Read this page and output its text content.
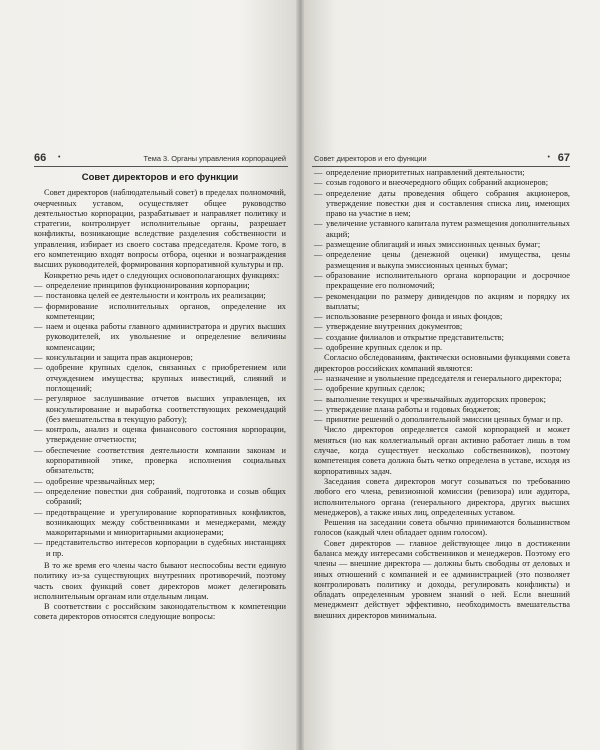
66 •	Тема 3. Органы управления корпорацией
Совет директоров и его функции

Совет директоров (наблюдательный совет) в пределах полномочий, очерченных уставом, осуществляет общее руководство деятельностью корпорации, разрабатывает и направляет политику и стратегии, контролирует исполнительные органы, разрешает конфликты, возникающие вследствие разделения собственности и управления, избирает из своего состава председателя. Кроме того, в его компетенцию входят вопросы отбора, оценки и вознаграждения высших руководителей, формирования корпоративной культуры и пр.

Конкретно речь идет о следующих основополагающих функциях:

— определение принципов функционирования корпорации;
— постановка целей ее деятельности и контроль их реализации;
— формирование исполнительных органов, определение их компетенции;
— наем и оценка работы главного администратора и других высших руководителей, их увольнение и определение величины компенсации;
— консультации и защита прав акционеров;
— одобрение крупных сделок, связанных с приобретением или отчуждением имущества; крупных инвестиций, слияний и поглощений;
— регулярное заслушивание отчетов высших управленцев, их консультирование и выработка соответствующих рекомендаций (без вмешательства в текущую работу);
— контроль, анализ и оценка финансового состояния корпорации, утверждение отчетности;
— обеспечение соответствия деятельности компании законам и корпоративной этике, проверка исполнения социальных обязательств;
— одобрение чрезвычайных мер;
— определение повестки дня собраний, подготовка и созыв общих собраний;
— предотвращение и урегулирование корпоративных конфликтов, возникающих между собственниками и менеджерами, между мажоритарными и миноритарными акционерами;
— представительство интересов корпорации в судебных инстанциях и пр.

В то же время его члены часто бывают неспособны вести единую политику из-за существующих внутренних противоречий, поэтому часть своих функций совет директоров может делегировать исполнительным органам или отдельным лицам.

В соответствии с российским законодательством к компетенции совета директоров относятся следующие вопросы:

Совет директоров и его функции	• 67
— определение приоритетных направлений деятельности;
— созыв годового и внеочередного общих собраний акционеров;
— определение даты проведения общего собрания акционеров, утверждение повестки дня и составления списка лиц, имеющих право на участие в нем;
— увеличение уставного капитала путем размещения дополнительных акций;
— размещение облигаций и иных эмиссионных ценных бумаг;
— определение цены (денежной оценки) имущества, цены размещения и выкупа эмиссионных ценных бумаг;
— образование исполнительного органа корпорации и досрочное прекращение его полномочий;
— рекомендации по размеру дивидендов по акциям и порядку их выплаты;
— использование резервного фонда и иных фондов;
— утверждение внутренних документов;
— создание филиалов и открытие представительств;
— одобрение крупных сделок и пр.

Согласно обследованиям, фактически основными функциями совета директоров российских компаний являются:

— назначение и увольнение председателя и генерального директора;
— одобрение крупных сделок;
— выполнение текущих и чрезвычайных аудиторских проверок;
— утверждение плана работы и годовых бюджетов;
— принятие решений о дополнительной эмиссии ценных бумаг и пр.

Число директоров определяется самой корпорацией и может меняться (но как коллегиальный орган активно работает лишь в том случае, когда существует несколько собственников), поэтому компетенция совета должна быть четко определена в уставе, исходя из корпоративных задач.

Заседания совета директоров могут созываться по требованию любого его члена, ревизионной комиссии (ревизора) или аудитора, исполнительного органа (генерального директора, других высших менеджеров), а также иных лиц, определенных уставом.

Решения на заседании совета обычно принимаются большинством голосов (каждый член обладает одним голосом).

Совет директоров — главное действующее лицо в достижении баланса между интересами собственников и менеджеров. Поэтому его члены — внешние директора — должны быть свободны от деловых и иных отношений с компанией и ее администрацией (это позволяет контролировать политику и доходы, регулировать конфликты) и обладать определенным уровнем знаний о ней. Если внешний менеджмент действует эффективно, необходимость вмешательства внешних директоров минимальна.
